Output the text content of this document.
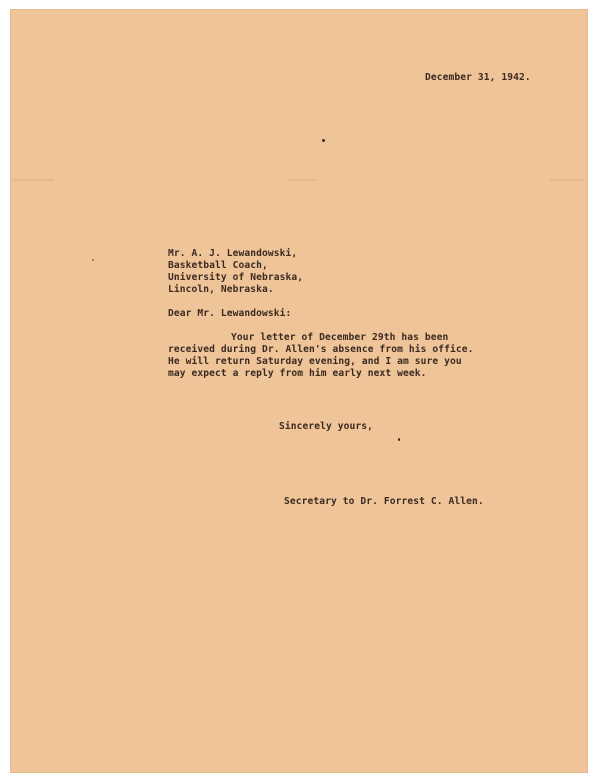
December 31, 1942.
Mr. A. J. Lewandowski,
Basketball Coach,
University of Nebraska,
Lincoln, Nebraska.
Dear Mr. Lewandowski:
Your letter of December 29th has been
received during Dr. Allen's absence from his office.
He will return Saturday evening, and I am sure you
may expect a reply from him early next week.
Sincerely yours,
Secretary to Dr. Forrest C. Allen.
